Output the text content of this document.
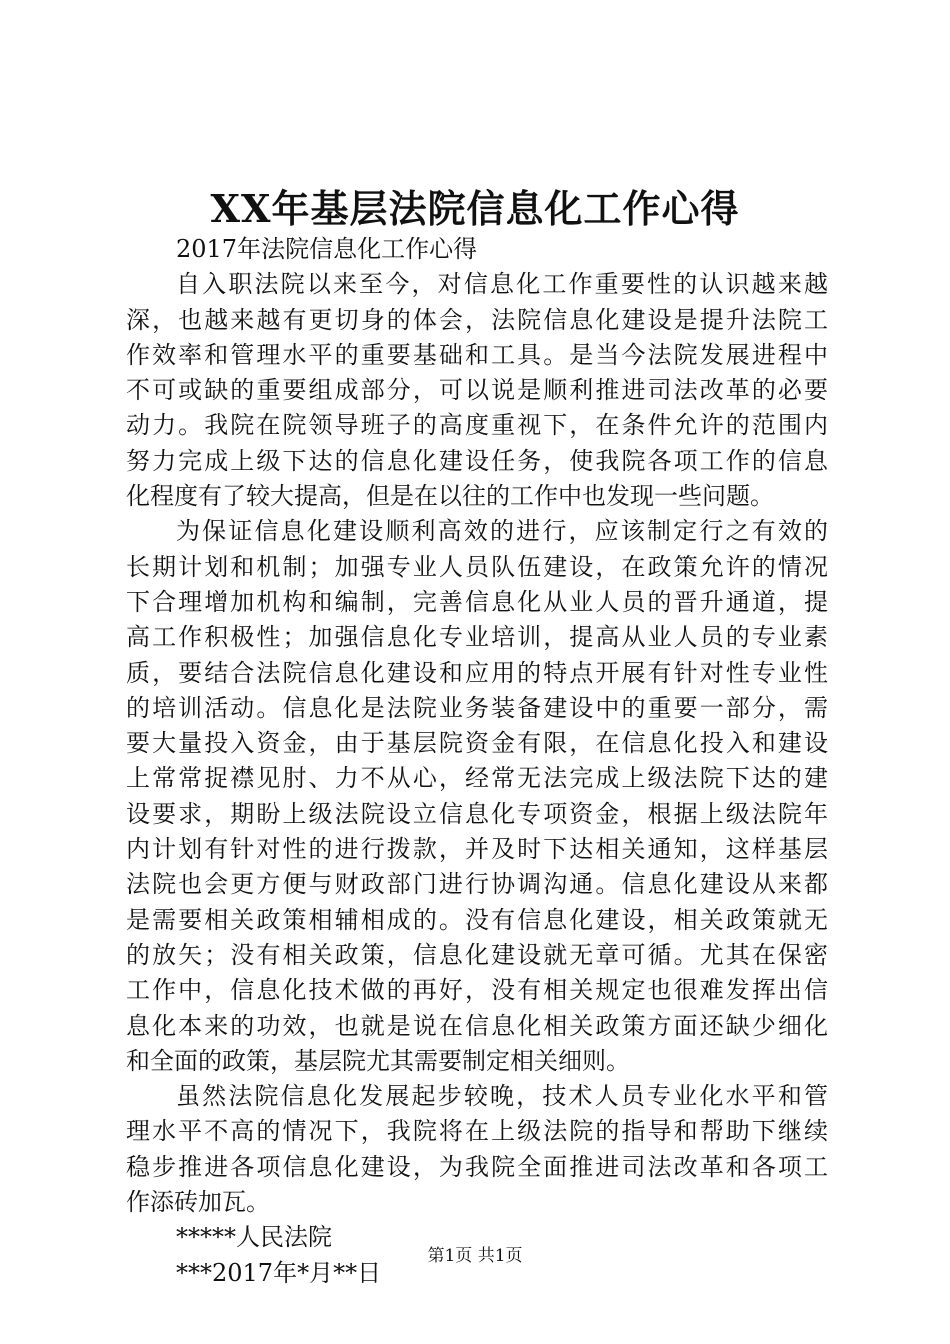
XX年基层法院信息化工作心得
2017年法院信息化工作心得
自入职法院以来至今，对信息化工作重要性的认识越来越
深，也越来越有更切身的体会，法院信息化建设是提升法院工
作效率和管理水平的重要基础和工具。是当今法院发展进程中
不可或缺的重要组成部分，可以说是顺利推进司法改革的必要
动力。我院在院领导班子的高度重视下，在条件允许的范围内
努力完成上级下达的信息化建设任务，使我院各项工作的信息
化程度有了较大提高，但是在以往的工作中也发现一些问题。
为保证信息化建设顺利高效的进行，应该制定行之有效的
长期计划和机制；加强专业人员队伍建设，在政策允许的情况
下合理增加机构和编制，完善信息化从业人员的晋升通道，提
高工作积极性；加强信息化专业培训，提高从业人员的专业素
质，要结合法院信息化建设和应用的特点开展有针对性专业性
的培训活动。信息化是法院业务装备建设中的重要一部分，需
要大量投入资金，由于基层院资金有限，在信息化投入和建设
上常常捉襟见肘、力不从心，经常无法完成上级法院下达的建
设要求，期盼上级法院设立信息化专项资金，根据上级法院年
内计划有针对性的进行拨款，并及时下达相关通知，这样基层
法院也会更方便与财政部门进行协调沟通。信息化建设从来都
是需要相关政策相辅相成的。没有信息化建设，相关政策就无
的放矢；没有相关政策，信息化建设就无章可循。尤其在保密
工作中，信息化技术做的再好，没有相关规定也很难发挥出信
息化本来的功效，也就是说在信息化相关政策方面还缺少细化
和全面的政策，基层院尤其需要制定相关细则。
虽然法院信息化发展起步较晚，技术人员专业化水平和管
理水平不高的情况下，我院将在上级法院的指导和帮助下继续
稳步推进各项信息化建设，为我院全面推进司法改革和各项工
作添砖加瓦。
*****人民法院
***2017年*月**日
第1页 共1页
